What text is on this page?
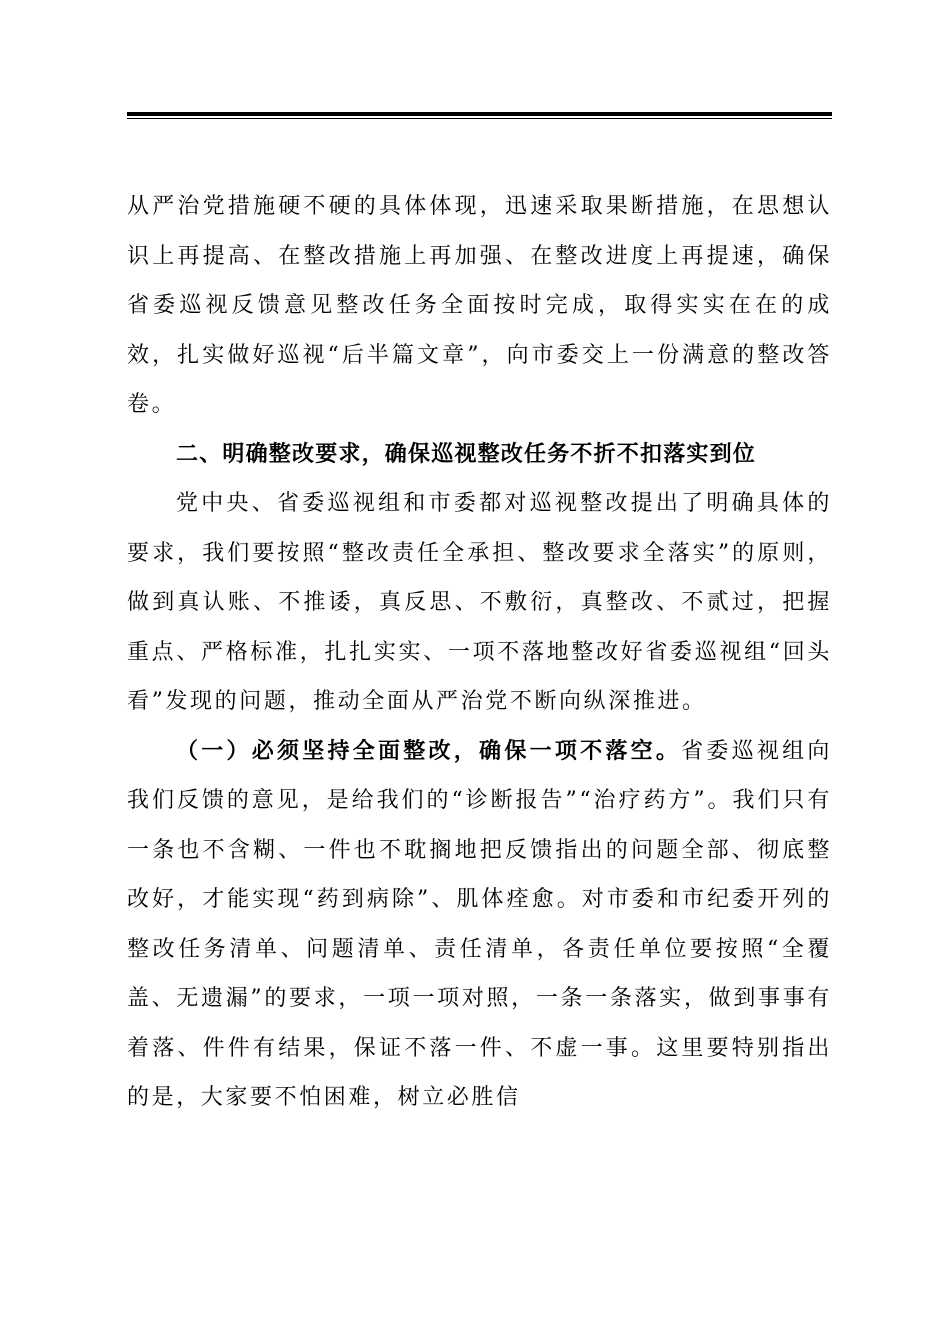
从严治党措施硬不硬的具体体现，迅速采取果断措施，在思想认识上再提高、在整改措施上再加强、在整改进度上再提速，确保省委巡视反馈意见整改任务全面按时完成，取得实实在在的成效，扎实做好巡视“后半篇文章”，向市委交上一份满意的整改答卷。

二、明确整改要求，确保巡视整改任务不折不扣落实到位

党中央、省委巡视组和市委都对巡视整改提出了明确具体的要求，我们要按照“整改责任全承担、整改要求全落实”的原则，做到真认账、不推诿，真反思、不敷衍，真整改、不贰过，把握重点、严格标准，扎扎实实、一项不落地整改好省委巡视组“回头看”发现的问题，推动全面从严治党不断向纵深推进。

（一）必须坚持全面整改，确保一项不落空。省委巡视组向我们反馈的意见，是给我们的“诊断报告”“治疗药方”。我们只有一条也不含糊、一件也不耽搁地把反馈指出的问题全部、彻底整改好，才能实现“药到病除”、肌体痊愈。对市委和市纪委开列的整改任务清单、问题清单、责任清单，各责任单位要按照“全覆盖、无遗漏”的要求，一项一项对照，一条一条落实，做到事事有着落、件件有结果，保证不落一件、不虚一事。这里要特别指出的是，大家要不怕困难，树立必胜信
